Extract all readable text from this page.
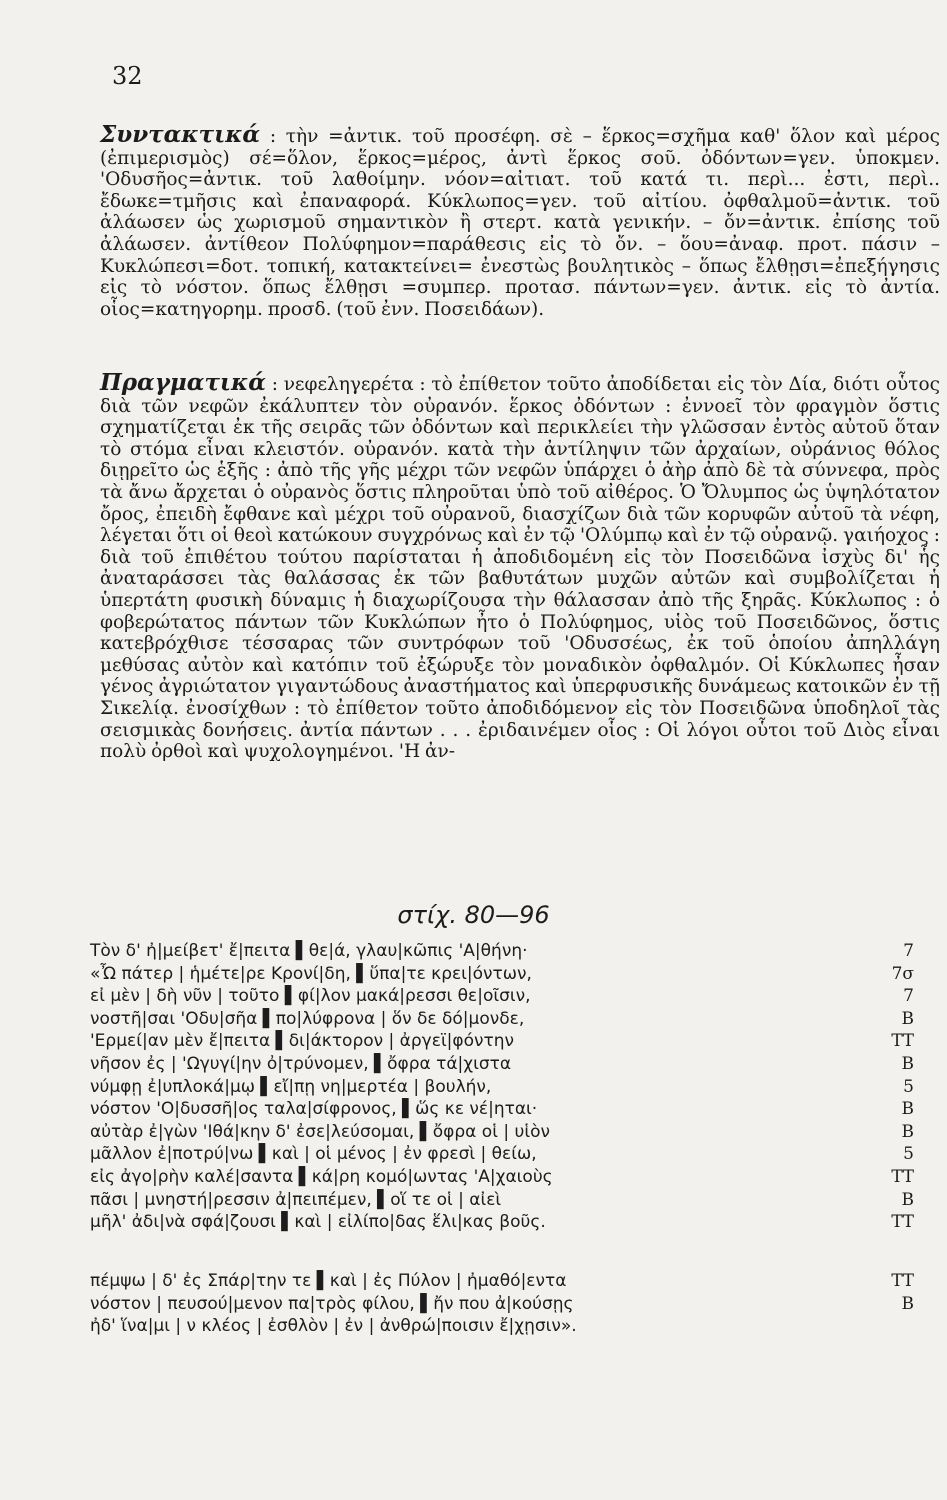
32

Συντακτικά : τὴν =ἀντικ. τοῦ προσέφη. σὲ – ἕρκος=σχῆμα καθ' ὅλον καὶ μέρος (ἐπιμερισμὸς) σέ=ὅλον, ἕρκος=μέρος, ἀντὶ ἕρκος σοῦ. ὀδόντων=γεν. ὑποκμεν. 'Οδυσῆος=ἀντικ. τοῦ λαθοίμην. νόον=αἰτιατ. τοῦ κατά τι. περὶ... ἐστι, περὶ.. ἔδωκε=τμῆσις καὶ ἐπαναφορά. Κύκλωπος=γεν. τοῦ αἰτίου. ὀφθαλμοῦ=ἀντικ. τοῦ ἀλάωσεν ὡς χωρισμοῦ σημαντικὸν ἢ στερτ. κατὰ γενικήν. – ὄν=ἀντικ. ἐπίσης τοῦ ἀλάωσεν. ἀντίθεον Πολύφημον=παράθεσις εἰς τὸ ὄν. – ὅου=ἀναφ. προτ. πάσιν – Κυκλώπεσι=δοτ. τοπική, κατακτείνει= ἐνεστὼς βουλητικὸς – ὅπως ἔλθῃσι=ἐπεξήγησις εἰς τὸ νόστον. ὅπως ἔλθῃσι =συμπερ. προτασ. πάντων=γεν. ἀντικ. εἰς τὸ ἀντία. οἷος=κατηγορημ. προσδ. (τοῦ ἐνν. Ποσειδάων).

Πραγματικά : νεφεληγερέτα : τὸ ἐπίθετον τοῦτο ἀποδίδεται εἰς τὸν Δία, διότι οὗτος διὰ τῶν νεφῶν ἐκάλυπτεν τὸν οὐρανόν. ἕρκος ὀδόντων : ἐννοεῖ τὸν φραγμὸν ὅστις σχηματίζεται ἐκ τῆς σειρᾶς τῶν ὀδόντων καὶ περικλείει τὴν γλῶσσαν ἐντὸς αὐτοῦ ὅταν τὸ στόμα εἶναι κλειστόν. οὐρανόν. κατὰ τὴν ἀντίληψιν τῶν ἀρχαίων, οὐράνιος θόλος διῃρεῖτο ὡς ἑξῆς : ἀπὸ τῆς γῆς μέχρι τῶν νεφῶν ὑπάρχει ὁ ἀὴρ ἀπὸ δὲ τὰ σύννεφα, πρὸς τὰ ἄνω ἄρχεται ὁ οὐρανὸς ὅστις πληροῦται ὑπὸ τοῦ αἰθέρος. Ὁ Ὄλυμπος ὡς ὑψηλότατον ὄρος, ἐπειδὴ ἔφθανε καὶ μέχρι τοῦ οὐρανοῦ, διασχίζων διὰ τῶν κορυφῶν αὐτοῦ τὰ νέφη, λέγεται ὅτι οἱ θεοὶ κατώκουν συγχρόνως καὶ ἐν τῷ 'Ολύμπῳ καὶ ἐν τῷ οὐρανῷ. γαιήοχος : διὰ τοῦ ἐπιθέτου τούτου παρίσταται ἡ ἀποδιδομένη εἰς τὸν Ποσειδῶνα ἰσχὺς δι' ἧς ἀναταράσσει τὰς θαλάσσας ἐκ τῶν βαθυτάτων μυχῶν αὐτῶν καὶ συμβολίζεται ἡ ὑπερτάτη φυσικὴ δύναμις ἡ διαχωρίζουσα τὴν θάλασσαν ἀπὸ τῆς ξηρᾶς. Κύκλωπος : ὁ φοβερώτατος πάντων τῶν Κυκλώπων ἦτο ὁ Πολύφημος, υἱὸς τοῦ Ποσειδῶνος, ὅστις κατεβρόχθισε τέσσαρας τῶν συντρόφων τοῦ 'Οδυσσέως, ἐκ τοῦ ὁποίου ἀπηλλάγη μεθύσας αὐτὸν καὶ κατόπιν τοῦ ἐξώρυξε τὸν μοναδικὸν ὀφθαλμόν. Οἱ Κύκλωπες ἦσαν γένος ἀγριώτατον γιγαντώδους ἀναστήματος καὶ ὑπερφυσικῆς δυνάμεως κατοικῶν ἐν τῇ Σικελίᾳ. ἐνοσίχθων : τὸ ἐπίθετον τοῦτο ἀποδιδόμενον εἰς τὸν Ποσειδῶνα ὑποδηλοῖ τὰς σεισμικὰς δονήσεις. ἀντία πάντων . . . ἐριδαινέμεν οἷος : Οἱ λόγοι οὗτοι τοῦ Διὸς εἶναι πολὺ ὀρθοὶ καὶ ψυχολογημένοι. 'Η ἀν-

στίχ. 80—96
Τὸν δ' ἠ|μείβετ' ἔ|πειτα ▌θε|ά, γλαυ|κῶπις 'Α|θήνη·	7
«Ὦ πάτερ | ἡμέτε|ρε Κρονί|δη, ▌ὕπα|τε κρει|όντων,	7σ
εἰ μὲν | δὴ νῦν | τοῦτο ▌φί|λον μακά|ρεσσι θε|οῖσιν,	7
νοστῆ|σαι 'Οδυ|σῆα ▌πο|λύφρονα | ὅν δε δό|μονδε,	Β
'Ερμεί|αν μὲν ἔ|πειτα ▌δι|άκτορον | ἀργεϊ|φόντην	ΤΤ
νῆσον ἐς | 'Ωγυγί|ην ὀ|τρύνομεν, ▌ὄφρα τά|χιστα	Β
νύμφῃ ἐ|υπλοκά|μῳ ▌εἴ|πῃ νη|μερτέα | βουλήν,	5
νόστον 'Ο|δυσσῆ|ος ταλα|σίφρονος, ▌ὥς κε νέ|ηται·	Β
αὐτὰρ ἐ|γὼν 'Ιθά|κην δ' ἐσε|λεύσομαι, ▌ὄφρα οἱ | υἱὸν	Β
μᾶλλον ἐ|ποτρύ|νω ▌καὶ | οἱ μένος | ἐν φρεσὶ | θείω,	5
εἰς ἀγο|ρὴν καλέ|σαντα ▌κά|ρη κομό|ωντας 'Α|χαιοὺς	ΤΤ
πᾶσι | μνηστή|ρεσσιν ἀ|πειπέμεν, ▌οἵ τε οἱ | αἰεὶ	Β
μῆλ' ἀδι|νὰ σφά|ζουσι ▌καὶ | εἰλίπο|δας ἕλι|κας βοῦς.	ΤΤ
πέμψω | δ' ἐς Σπάρ|την τε ▌καὶ | ἐς Πύλον | ἠμαθό|εντα	ΤΤ
νόστον | πευσού|μενον πα|τρὸς φίλου, ▌ἤν που ἀ|κούσῃς	Β
ἠδ' ἵνα|μι | ν κλέος | ἐσθλὸν | ἐν | ἀνθρώ|ποισιν ἔ|χῃσιν».
